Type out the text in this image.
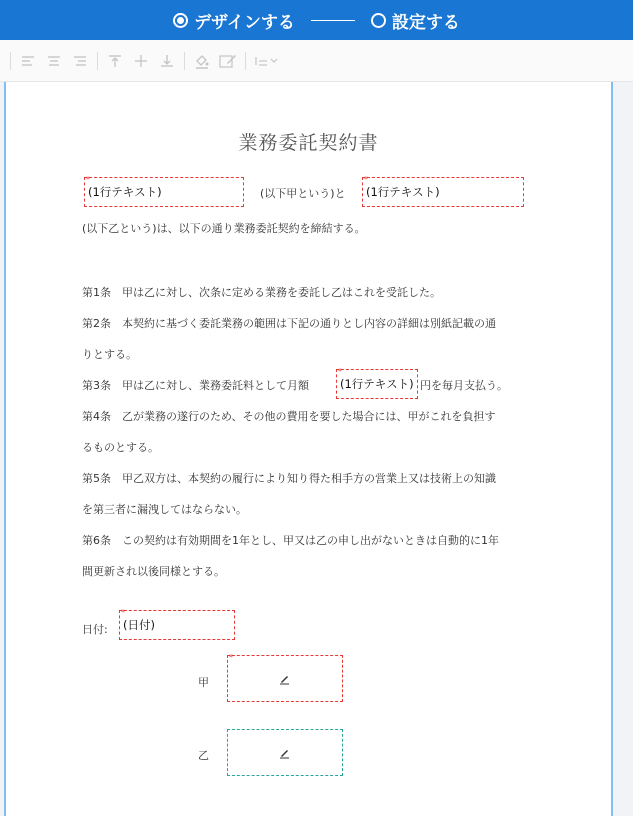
デザインする	設定する
業務委託契約書
*
(1行テキスト)	(以下甲という)と
*
(1行テキスト)
(以下乙という)は、以下の通り業務委託契約を締結する。
第1条　甲は乙に対し、次条に定める業務を委託し乙はこれを受託した。
第2条　本契約に基づく委託業務の範囲は下記の通りとし内容の詳細は別紙記載の通
りとする。
第3条　甲は乙に対し、業務委託料として月額
*
(1行テキスト) 円を毎月支払う。
第4条　乙が業務の遂行のため、その他の費用を要した場合には、甲がこれを負担す
るものとする。
第5条　甲乙双方は、本契約の履行により知り得た相手方の営業上又は技術上の知識
を第三者に漏洩してはならない。
第6条　この契約は有効期間を1年とし、甲又は乙の申し出がないときは自動的に1年
間更新され以後同様とする。
日付:
*
(日付)
甲
*
乙
